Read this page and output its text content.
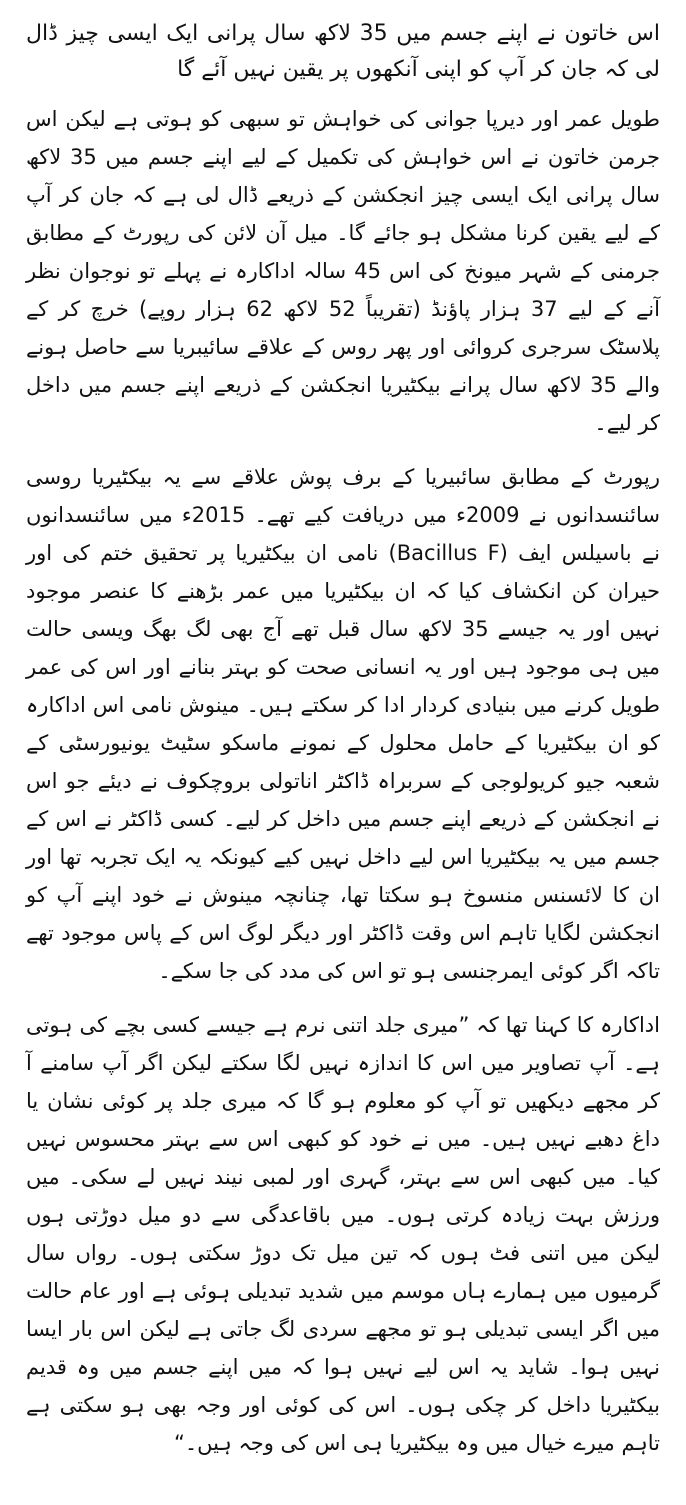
اس خاتون نے اپنے جسم میں 35 لاکھ سال پرانی ایک ایسی چیز ڈال لی کہ جان کر آپ کو اپنی آنکھوں پر یقین نہیں آئے گا

طویل عمر اور دیرپا جوانی کی خواہش تو سبھی کو ہوتی ہے لیکن اس جرمن خاتون نے اس خواہش کی تکمیل کے لیے اپنے جسم میں 35 لاکھ سال پرانی ایک ایسی چیز انجکشن کے ذریعے ڈال لی ہے کہ جان کر آپ کے لیے یقین کرنا مشکل ہو جائے گا۔ میل آن لائن کی رپورٹ کے مطابق جرمنی کے شہر میونخ کی اس 45 سالہ اداکارہ نے پہلے تو نوجوان نظر آنے کے لیے 37 ہزار پاؤنڈ (تقریباً 52 لاکھ 62 ہزار روپے) خرچ کر کے پلاسٹک سرجری کروائی اور پھر روس کے علاقے سائیبریا سے حاصل ہونے والے 35 لاکھ سال پرانے بیکٹیریا انجکشن کے ذریعے اپنے جسم میں داخل کر لیے۔

رپورٹ کے مطابق سائبیریا کے برف پوش علاقے سے یہ بیکٹیریا روسی سائنسدانوں نے 2009ء میں دریافت کیے تھے۔ 2015ء میں سائنسدانوں نے باسیلس ایف (Bacillus F) نامی ان بیکٹیریا پر تحقیق ختم کی اور حیران کن انکشاف کیا کہ ان بیکٹیریا میں عمر بڑھنے کا عنصر موجود نہیں اور یہ جیسے 35 لاکھ سال قبل تھے آج بھی لگ بھگ ویسی حالت میں ہی موجود ہیں اور یہ انسانی صحت کو بہتر بنانے اور اس کی عمر طویل کرنے میں بنیادی کردار ادا کر سکتے ہیں۔ مینوش نامی اس اداکارہ کو ان بیکٹیریا کے حامل محلول کے نمونے ماسکو سٹیٹ یونیورسٹی کے شعبہ جیو کریولوجی کے سربراہ ڈاکٹر اناتولی بروچکوف نے دیئے جو اس نے انجکشن کے ذریعے اپنے جسم میں داخل کر لیے۔ کسی ڈاکٹر نے اس کے جسم میں یہ بیکٹیریا اس لیے داخل نہیں کیے کیونکہ یہ ایک تجربہ تھا اور ان کا لائسنس منسوخ ہو سکتا تھا، چنانچہ مینوش نے خود اپنے آپ کو انجکشن لگایا تاہم اس وقت ڈاکٹر اور دیگر لوگ اس کے پاس موجود تھے تاکہ اگر کوئی ایمرجنسی ہو تو اس کی مدد کی جا سکے۔

اداکارہ کا کہنا تھا کہ ”میری جلد اتنی نرم ہے جیسے کسی بچے کی ہوتی ہے۔ آپ تصاویر میں اس کا اندازہ نہیں لگا سکتے لیکن اگر آپ سامنے آ کر مجھے دیکھیں تو آپ کو معلوم ہو گا کہ میری جلد پر کوئی نشان یا داغ دھبے نہیں ہیں۔ میں نے خود کو کبھی اس سے بہتر محسوس نہیں کیا۔ میں کبھی اس سے بہتر، گہری اور لمبی نیند نہیں لے سکی۔ میں ورزش بہت زیادہ کرتی ہوں۔ میں باقاعدگی سے دو میل دوڑتی ہوں لیکن میں اتنی فٹ ہوں کہ تین میل تک دوڑ سکتی ہوں۔ رواں سال گرمیوں میں ہمارے ہاں موسم میں شدید تبدیلی ہوئی ہے اور عام حالت میں اگر ایسی تبدیلی ہو تو مجھے سردی لگ جاتی ہے لیکن اس بار ایسا نہیں ہوا۔ شاید یہ اس لیے نہیں ہوا کہ میں اپنے جسم میں وہ قدیم بیکٹیریا داخل کر چکی ہوں۔ اس کی کوئی اور وجہ بھی ہو سکتی ہے تاہم میرے خیال میں وہ بیکٹیریا ہی اس کی وجہ ہیں۔“
